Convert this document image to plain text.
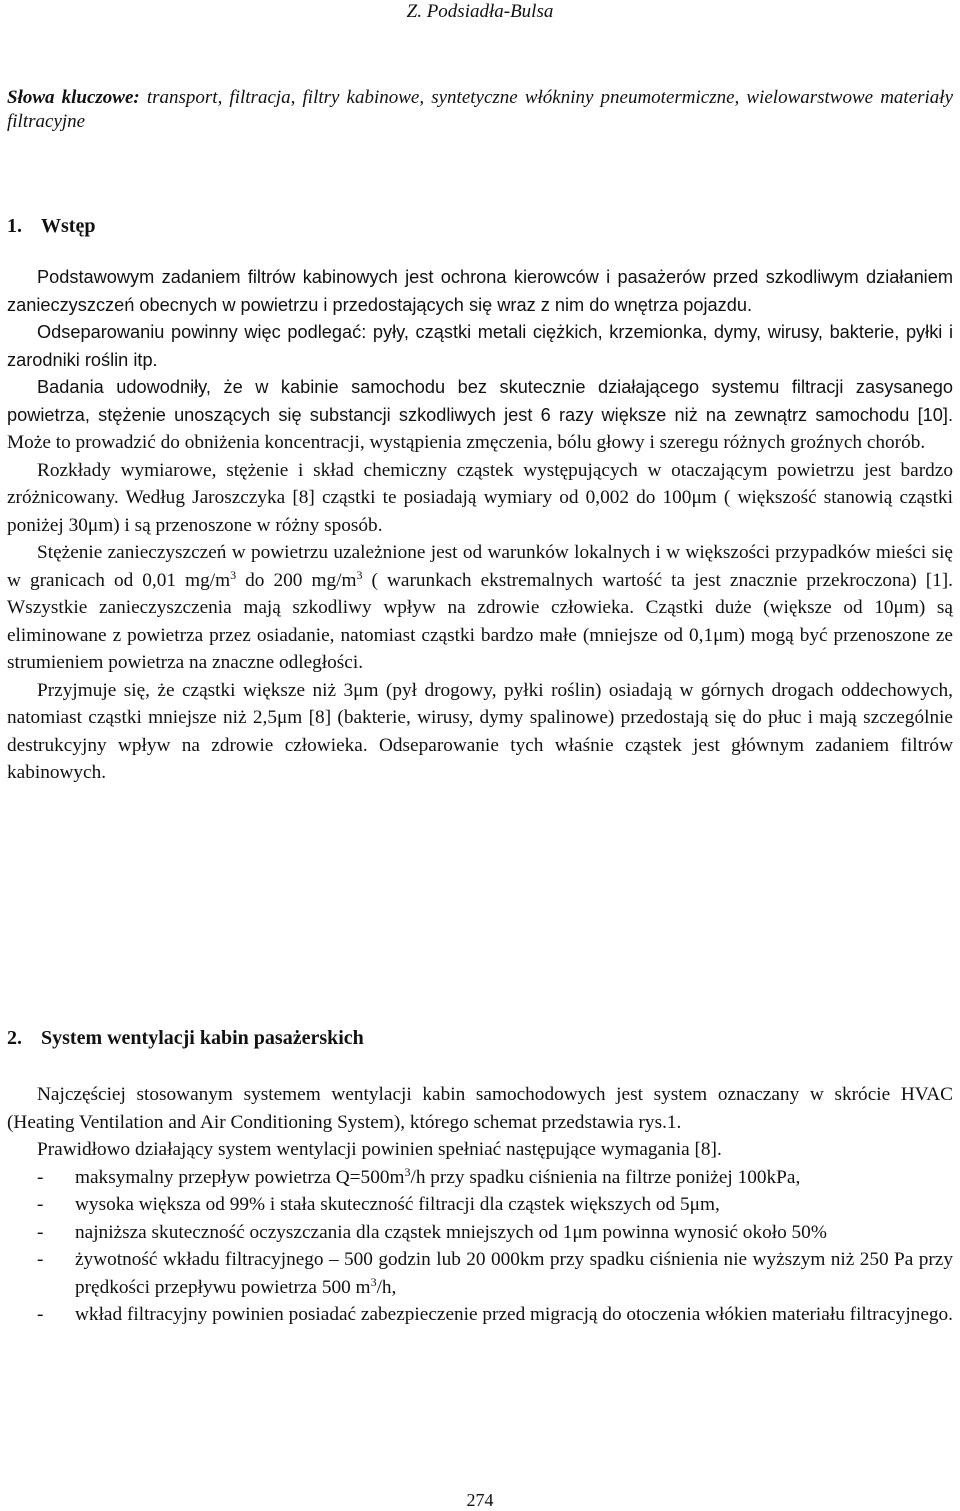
Z. Podsiadła-Bulsa
Słowa kluczowe: transport, filtracja, filtry kabinowe, syntetyczne włókniny pneumotermiczne, wielowarstwowe materiały filtracyjne
1. Wstęp

Podstawowym zadaniem filtrów kabinowych jest ochrona kierowców i pasażerów przed szkodliwym działaniem zanieczyszczeń obecnych w powietrzu i przedostających się wraz z nim do wnętrza pojazdu.

Odseparowaniu powinny więc podlegać: pyły, cząstki metali ciężkich, krzemionka, dymy, wirusy, bakterie, pyłki i zarodniki roślin itp.

Badania udowodniły, że w kabinie samochodu bez skutecznie działającego systemu filtracji zasysanego powietrza, stężenie unoszących się substancji szkodliwych jest 6 razy większe niż na zewnątrz samochodu [10]. Może to prowadzić do obniżenia koncentracji, wystąpienia zmęczenia, bólu głowy i szeregu różnych groźnych chorób.

Rozkłady wymiarowe, stężenie i skład chemiczny cząstek występujących w otaczającym powietrzu jest bardzo zróżnicowany. Według Jaroszczyka [8] cząstki te posiadają wymiary od 0,002 do 100μm ( większość stanowią cząstki poniżej 30μm) i są przenoszone w różny sposób.

Stężenie zanieczyszczeń w powietrzu uzależnione jest od warunków lokalnych i w większości przypadków mieści się w granicach od 0,01 $mg/m^3$ do 200 $mg/m^3$ ( warunkach ekstremalnych wartość ta jest znacznie przekroczona) [1]. Wszystkie zanieczyszczenia mają szkodliwy wpływ na zdrowie człowieka. Cząstki duże (większe od 10μm) są eliminowane z powietrza przez osiadanie, natomiast cząstki bardzo małe (mniejsze od 0,1μm) mogą być przenoszone ze strumieniem powietrza na znaczne odległości.

Przyjmuje się, że cząstki większe niż 3μm (pył drogowy, pyłki roślin) osiadają w górnych drogach oddechowych, natomiast cząstki mniejsze niż 2,5μm [8] (bakterie, wirusy, dymy spalinowe) przedostają się do płuc i mają szczególnie destrukcyjny wpływ na zdrowie człowieka. Odseparowanie tych właśnie cząstek jest głównym zadaniem filtrów kabinowych.

2. System wentylacji kabin pasażerskich

Najczęściej stosowanym systemem wentylacji kabin samochodowych jest system oznaczany w skrócie HVAC (Heating Ventilation and Air Conditioning System), którego schemat przedstawia rys.1.

Prawidłowo działający system wentylacji powinien spełniać następujące wymagania [8].

- maksymalny przepływ powietrza $Q=500m^3/h$ przy spadku ciśnienia na filtrze poniżej 100kPa,
- wysoka większa od 99% i stała skuteczność filtracji dla cząstek większych od 5μm,
- najniższa skuteczność oczyszczania dla cząstek mniejszych od 1μm powinna wynosić około 50%
- żywotność wkładu filtracyjnego – 500 godzin lub 20 000km przy spadku ciśnienia nie wyższym niż 250 Pa przy prędkości przepływu powietrza 500 $m^3/h$,
- wkład filtracyjny powinien posiadać zabezpieczenie przed migracją do otoczenia włókien materiału filtracyjnego.
274
